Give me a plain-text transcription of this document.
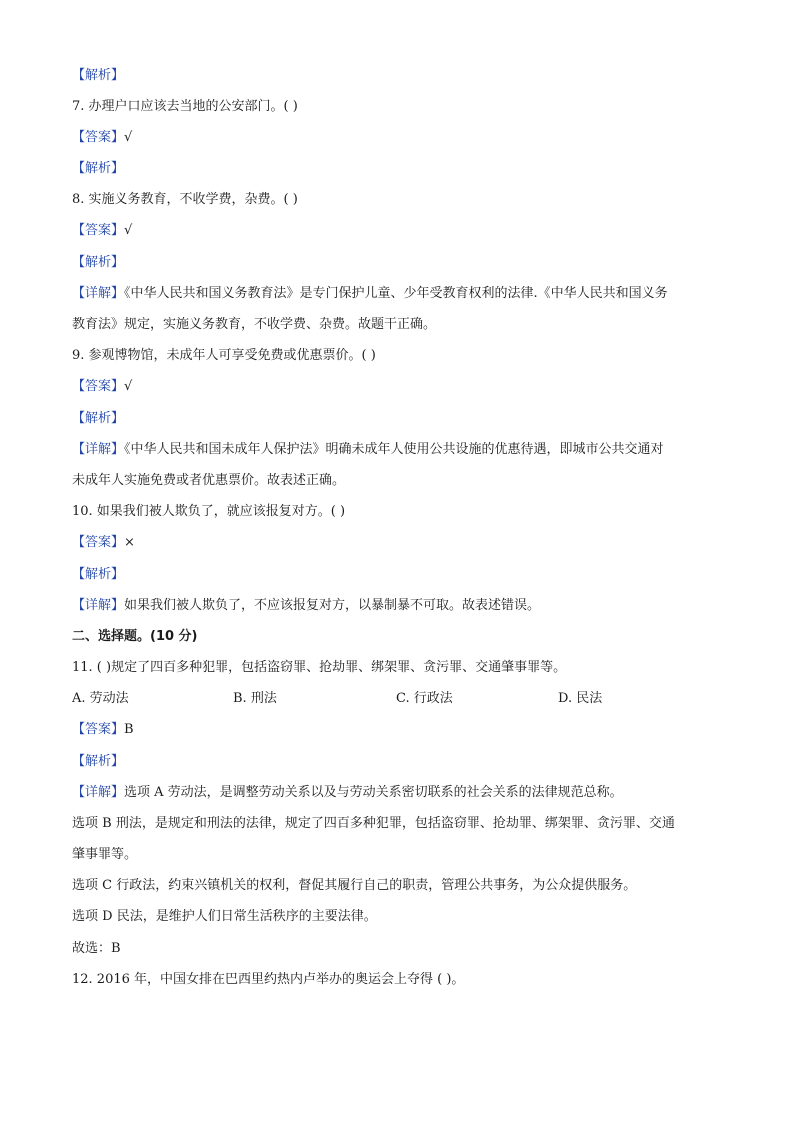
【解析】
7. 办理户口应该去当地的公安部门。( )
【答案】√
【解析】
8. 实施义务教育，不收学费，杂费。( )
【答案】√
【解析】
【详解】《中华人民共和国义务教育法》是专门保护儿童、少年受教育权利的法律.《中华人民共和国义务
教育法》规定，实施义务教育，不收学费、杂费。故题干正确。
9. 参观博物馆，未成年人可享受免费或优惠票价。( )
【答案】√
【解析】
【详解】《中华人民共和国未成年人保护法》明确未成年人使用公共设施的优惠待遇，即城市公共交通对
未成年人实施免费或者优惠票价。故表述正确。
10. 如果我们被人欺负了，就应该报复对方。( )
【答案】×
【解析】
【详解】如果我们被人欺负了，不应该报复对方，以暴制暴不可取。故表述错误。
二、选择题。(10 分)
11. ( )规定了四百多种犯罪，包括盗窃罪、抢劫罪、绑架罪、贪污罪、交通肇事罪等。
A. 劳动法	B. 刑法	C. 行政法	D. 民法
【答案】B
【解析】
【详解】选项 A 劳动法，是调整劳动关系以及与劳动关系密切联系的社会关系的法律规范总称。
选项 B 刑法，是规定和刑法的法律，规定了四百多种犯罪，包括盗窃罪、抢劫罪、绑架罪、贪污罪、交通
肇事罪等。
选项 C 行政法，约束兴镇机关的权利，督促其履行自己的职责，管理公共事务，为公众提供服务。
选项 D 民法，是维护人们日常生活秩序的主要法律。
故选：B
12. 2016 年，中国女排在巴西里约热内卢举办的奥运会上夺得 ( )。
